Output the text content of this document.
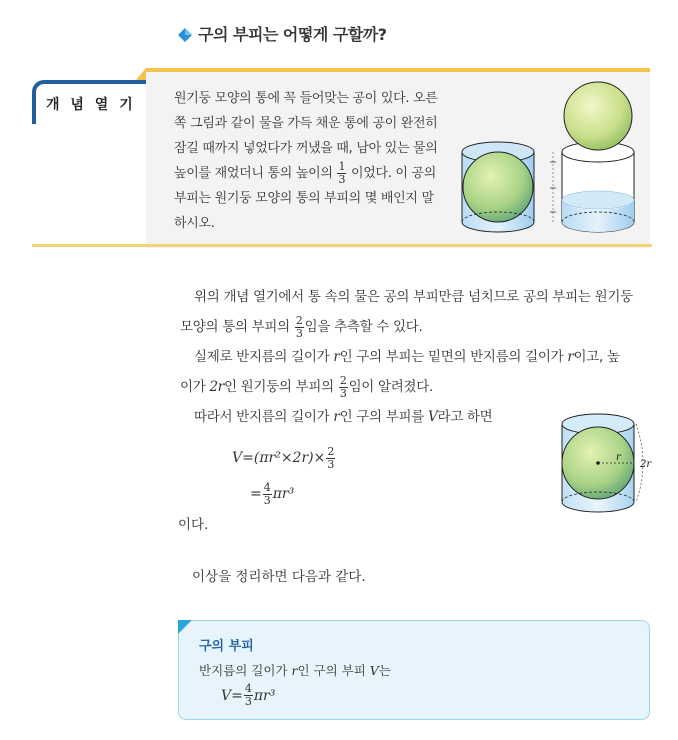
구의 부피는 어떻게 구할까?
개 념 열 기	원기둥 모양의 통에 꼭 들어맞는 공이 있다. 오른
쪽 그림과 같이 물을 가득 채운 통에 공이 완전히
잠길 때까지 넣었다가 꺼냈을 때, 남아 있는 물의
높이를 재었더니 통의 높이의 $\frac{1}{3}$ 이었다. 이 공의
부피는 원기둥 모양의 통의 부피의 몇 배인지 말
하시오.
위의 개념 열기에서 통 속의 물은 공의 부피만큼 넘치므로 공의 부피는 원기둥
모양의 통의 부피의 $\frac{2}{3}$ 임을 추측할 수 있다.
실제로 반지름의 길이가 r인 구의 부피는 밑면의 반지름의 길이가 r이고, 높
이가 2r인 원기둥의 부피의 $\frac{2}{3}$ 임이 알려졌다.
따라서 반지름의 길이가 r인 구의 부피를 V라고 하면
$V =(\pi r^2\times 2r)\times \frac{2}{3}$
= $\frac{4}{3} \pi r^3$
이다.
이상을 정리하면 다음과 같다.
r
2r
구의 부피
반지름의 길이가 r인 구의 부피 V는
$V = \frac{4}{3} \pi r^3$
